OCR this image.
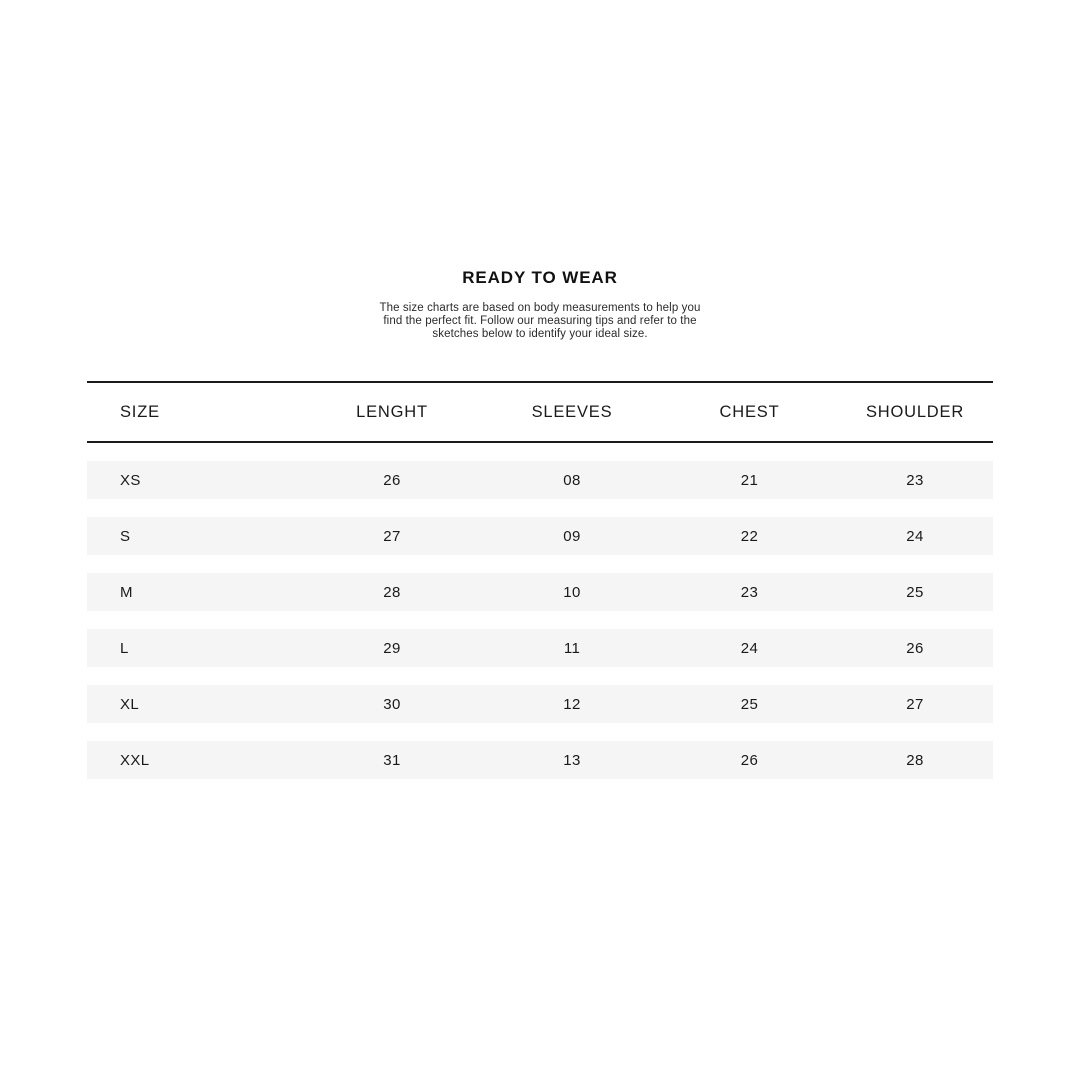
READY TO WEAR

The size charts are based on body measurements to help you find the perfect fit. Follow our measuring tips and refer to the sketches below to identify your ideal size.

SIZE	LENGHT	SLEEVES	CHEST	SHOULDER

XS	26	08	21	23

S	27	09	22	24

M	28	10	23	25

L	29	11	24	26

XL	30	12	25	27

XXL	31	13	26	28
